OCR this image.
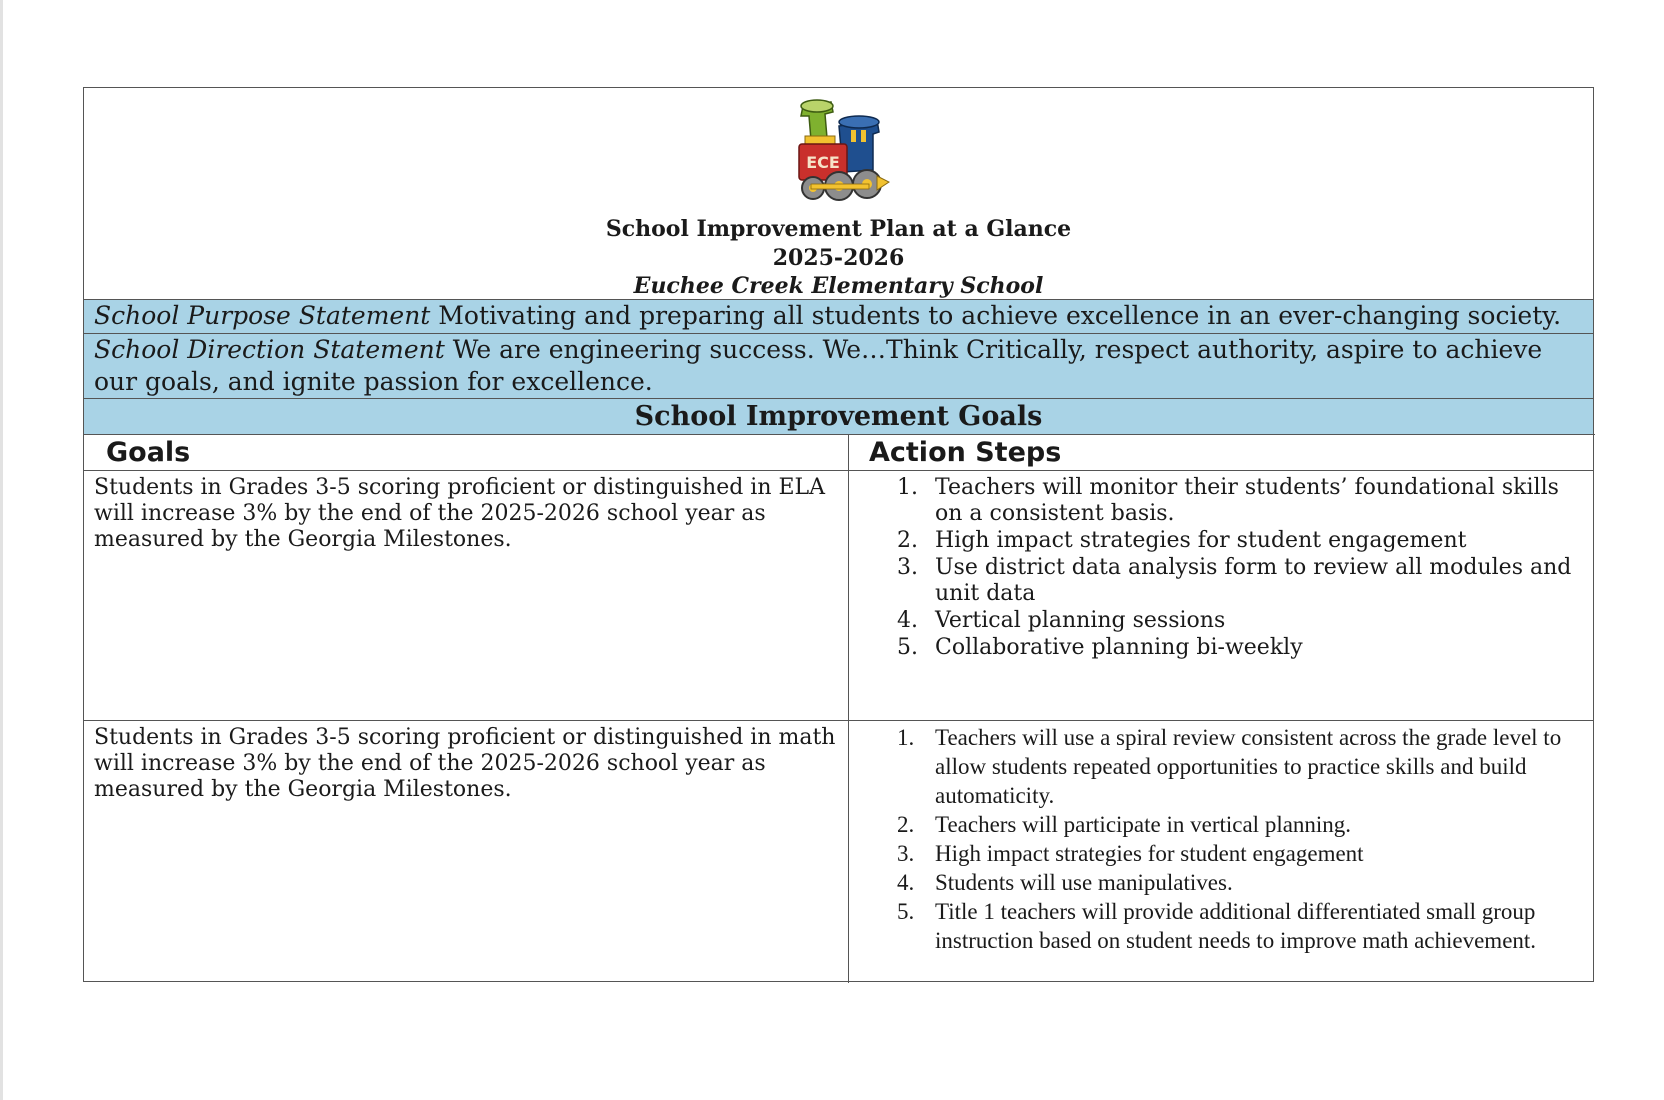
ECE
School Improvement Plan at a Glance
2025-2026
Euchee Creek Elementary School
School Purpose Statement Motivating and preparing all students to achieve excellence in an ever-changing society.
School Direction Statement We are engineering success. We…Think Critically, respect authority, aspire to achieve our goals, and ignite passion for excellence.
School Improvement Goals
Goals	Action Steps
Students in Grades 3-5 scoring proficient or distinguished in ELA will increase 3% by the end of the 2025-2026 school year as measured by the Georgia Milestones.
1. Teachers will monitor their students’ foundational skills on a consistent basis.
2. High impact strategies for student engagement
3. Use district data analysis form to review all modules and unit data
4. Vertical planning sessions
5. Collaborative planning bi-weekly
Students in Grades 3-5 scoring proficient or distinguished in math will increase 3% by the end of the 2025-2026 school year as measured by the Georgia Milestones.
1. Teachers will use a spiral review consistent across the grade level to allow students repeated opportunities to practice skills and build automaticity.
2. Teachers will participate in vertical planning.
3. High impact strategies for student engagement
4. Students will use manipulatives.
5. Title 1 teachers will provide additional differentiated small group instruction based on student needs to improve math achievement.
